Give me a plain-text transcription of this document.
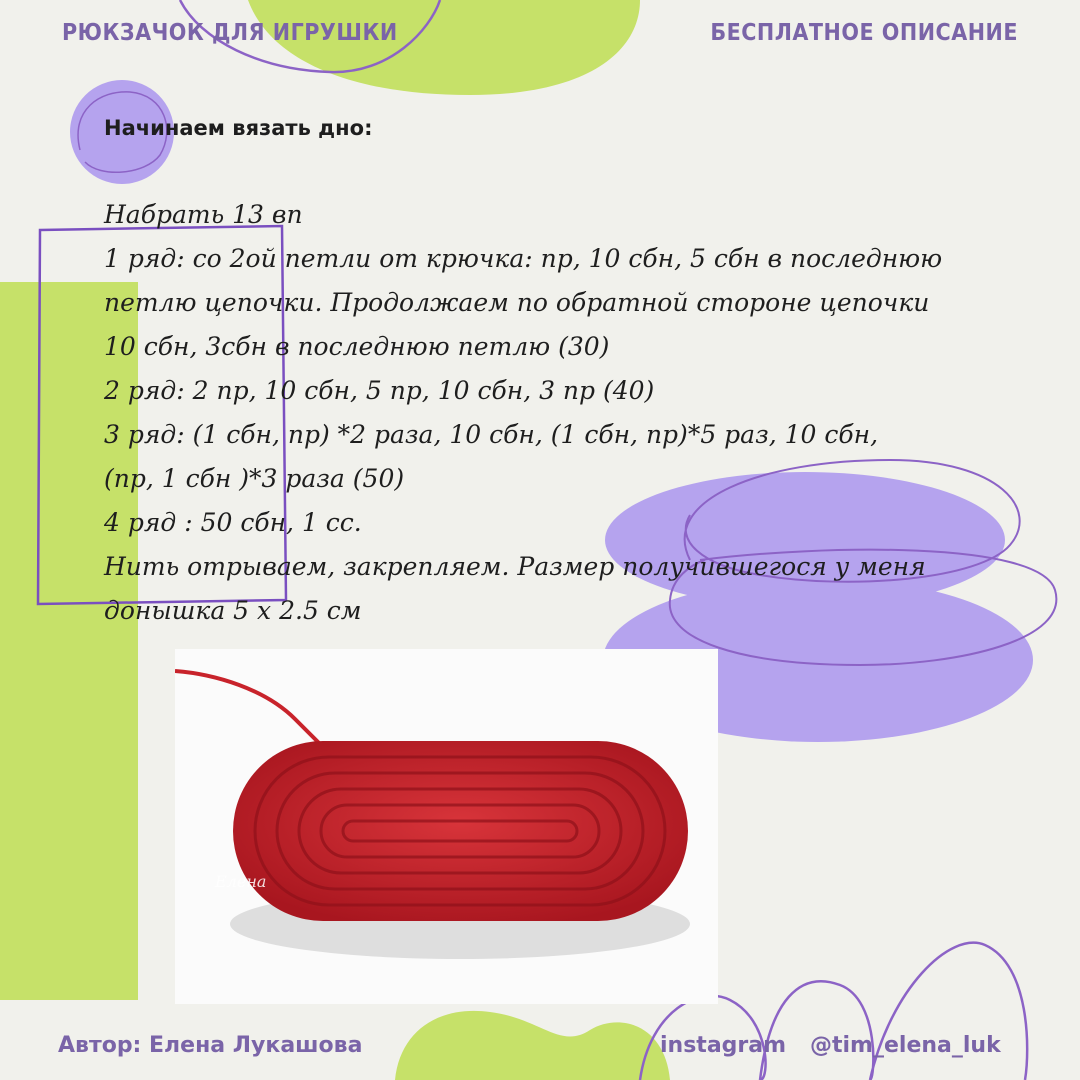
РЮКЗАЧОК ДЛЯ ИГРУШКИ	БЕСПЛАТНОЕ ОПИСАНИЕ
Начинаем вязать дно:
Набрать 13 вп
1 ряд: со 2ой петли от крючка: пр, 10 сбн, 5 сбн в последнюю
петлю цепочки. Продолжаем по обратной стороне цепочки
10 сбн, 3сбн в последнюю петлю (30)
2 ряд: 2 пр, 10 сбн, 5 пр, 10 сбн, 3 пр (40)
3 ряд: (1 сбн, пр) *2 раза, 10 сбн, (1 сбн, пр)*5 раз, 10 сбн,
(пр, 1 сбн )*3 раза (50)
4 ряд : 50 сбн, 1 сс.
Нить отрываем, закрепляем. Размер получившегося у меня
донышка 5 х 2.5 см
Елена
Автор: Елена Лукашова	instagram @tim_elena_luk
